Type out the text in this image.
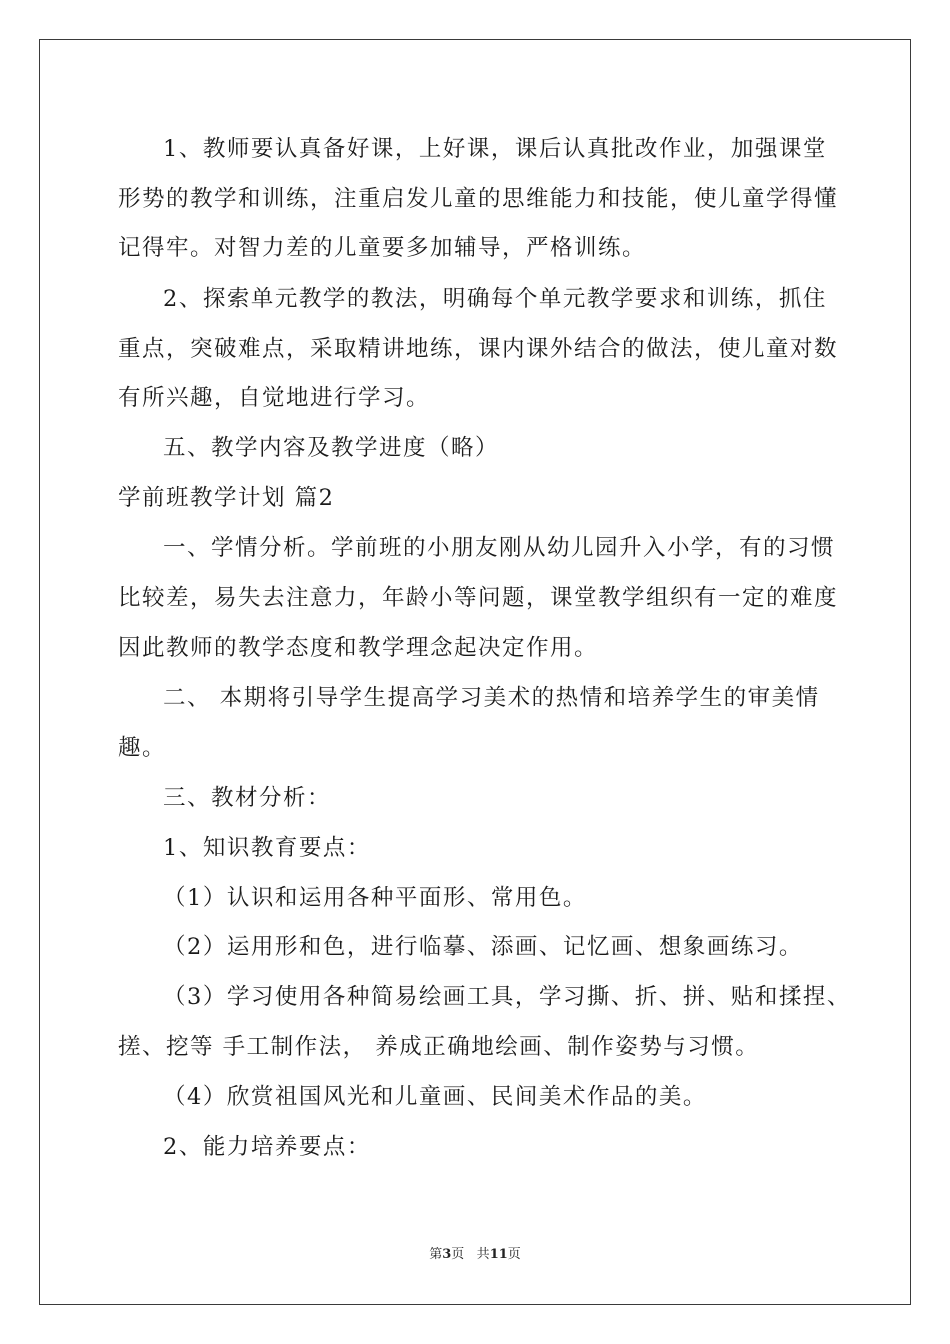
1、教师要认真备好课，上好课，课后认真批改作业，加强课堂
形势的教学和训练，注重启发儿童的思维能力和技能，使儿童学得懂
记得牢。对智力差的儿童要多加辅导，严格训练。
2、探索单元教学的教法，明确每个单元教学要求和训练，抓住
重点，突破难点，采取精讲地练，课内课外结合的做法，使儿童对数
有所兴趣，自觉地进行学习。
五、教学内容及教学进度（略）
学前班教学计划 篇2
一、学情分析。学前班的小朋友刚从幼儿园升入小学，有的习惯
比较差，易失去注意力，年龄小等问题，课堂教学组织有一定的难度
因此教师的教学态度和教学理念起决定作用。
二、 本期将引导学生提高学习美术的热情和培养学生的审美情
趣。
三、教材分析：
1、知识教育要点：
（1）认识和运用各种平面形、常用色。
（2）运用形和色，进行临摹、添画、记忆画、想象画练习。
（3）学习使用各种简易绘画工具，学习撕、折、拼、贴和揉捏、
搓、挖等 手工制作法， 养成正确地绘画、制作姿势与习惯。
（4）欣赏祖国风光和儿童画、民间美术作品的美。
2、能力培养要点：
第3页 共11页
